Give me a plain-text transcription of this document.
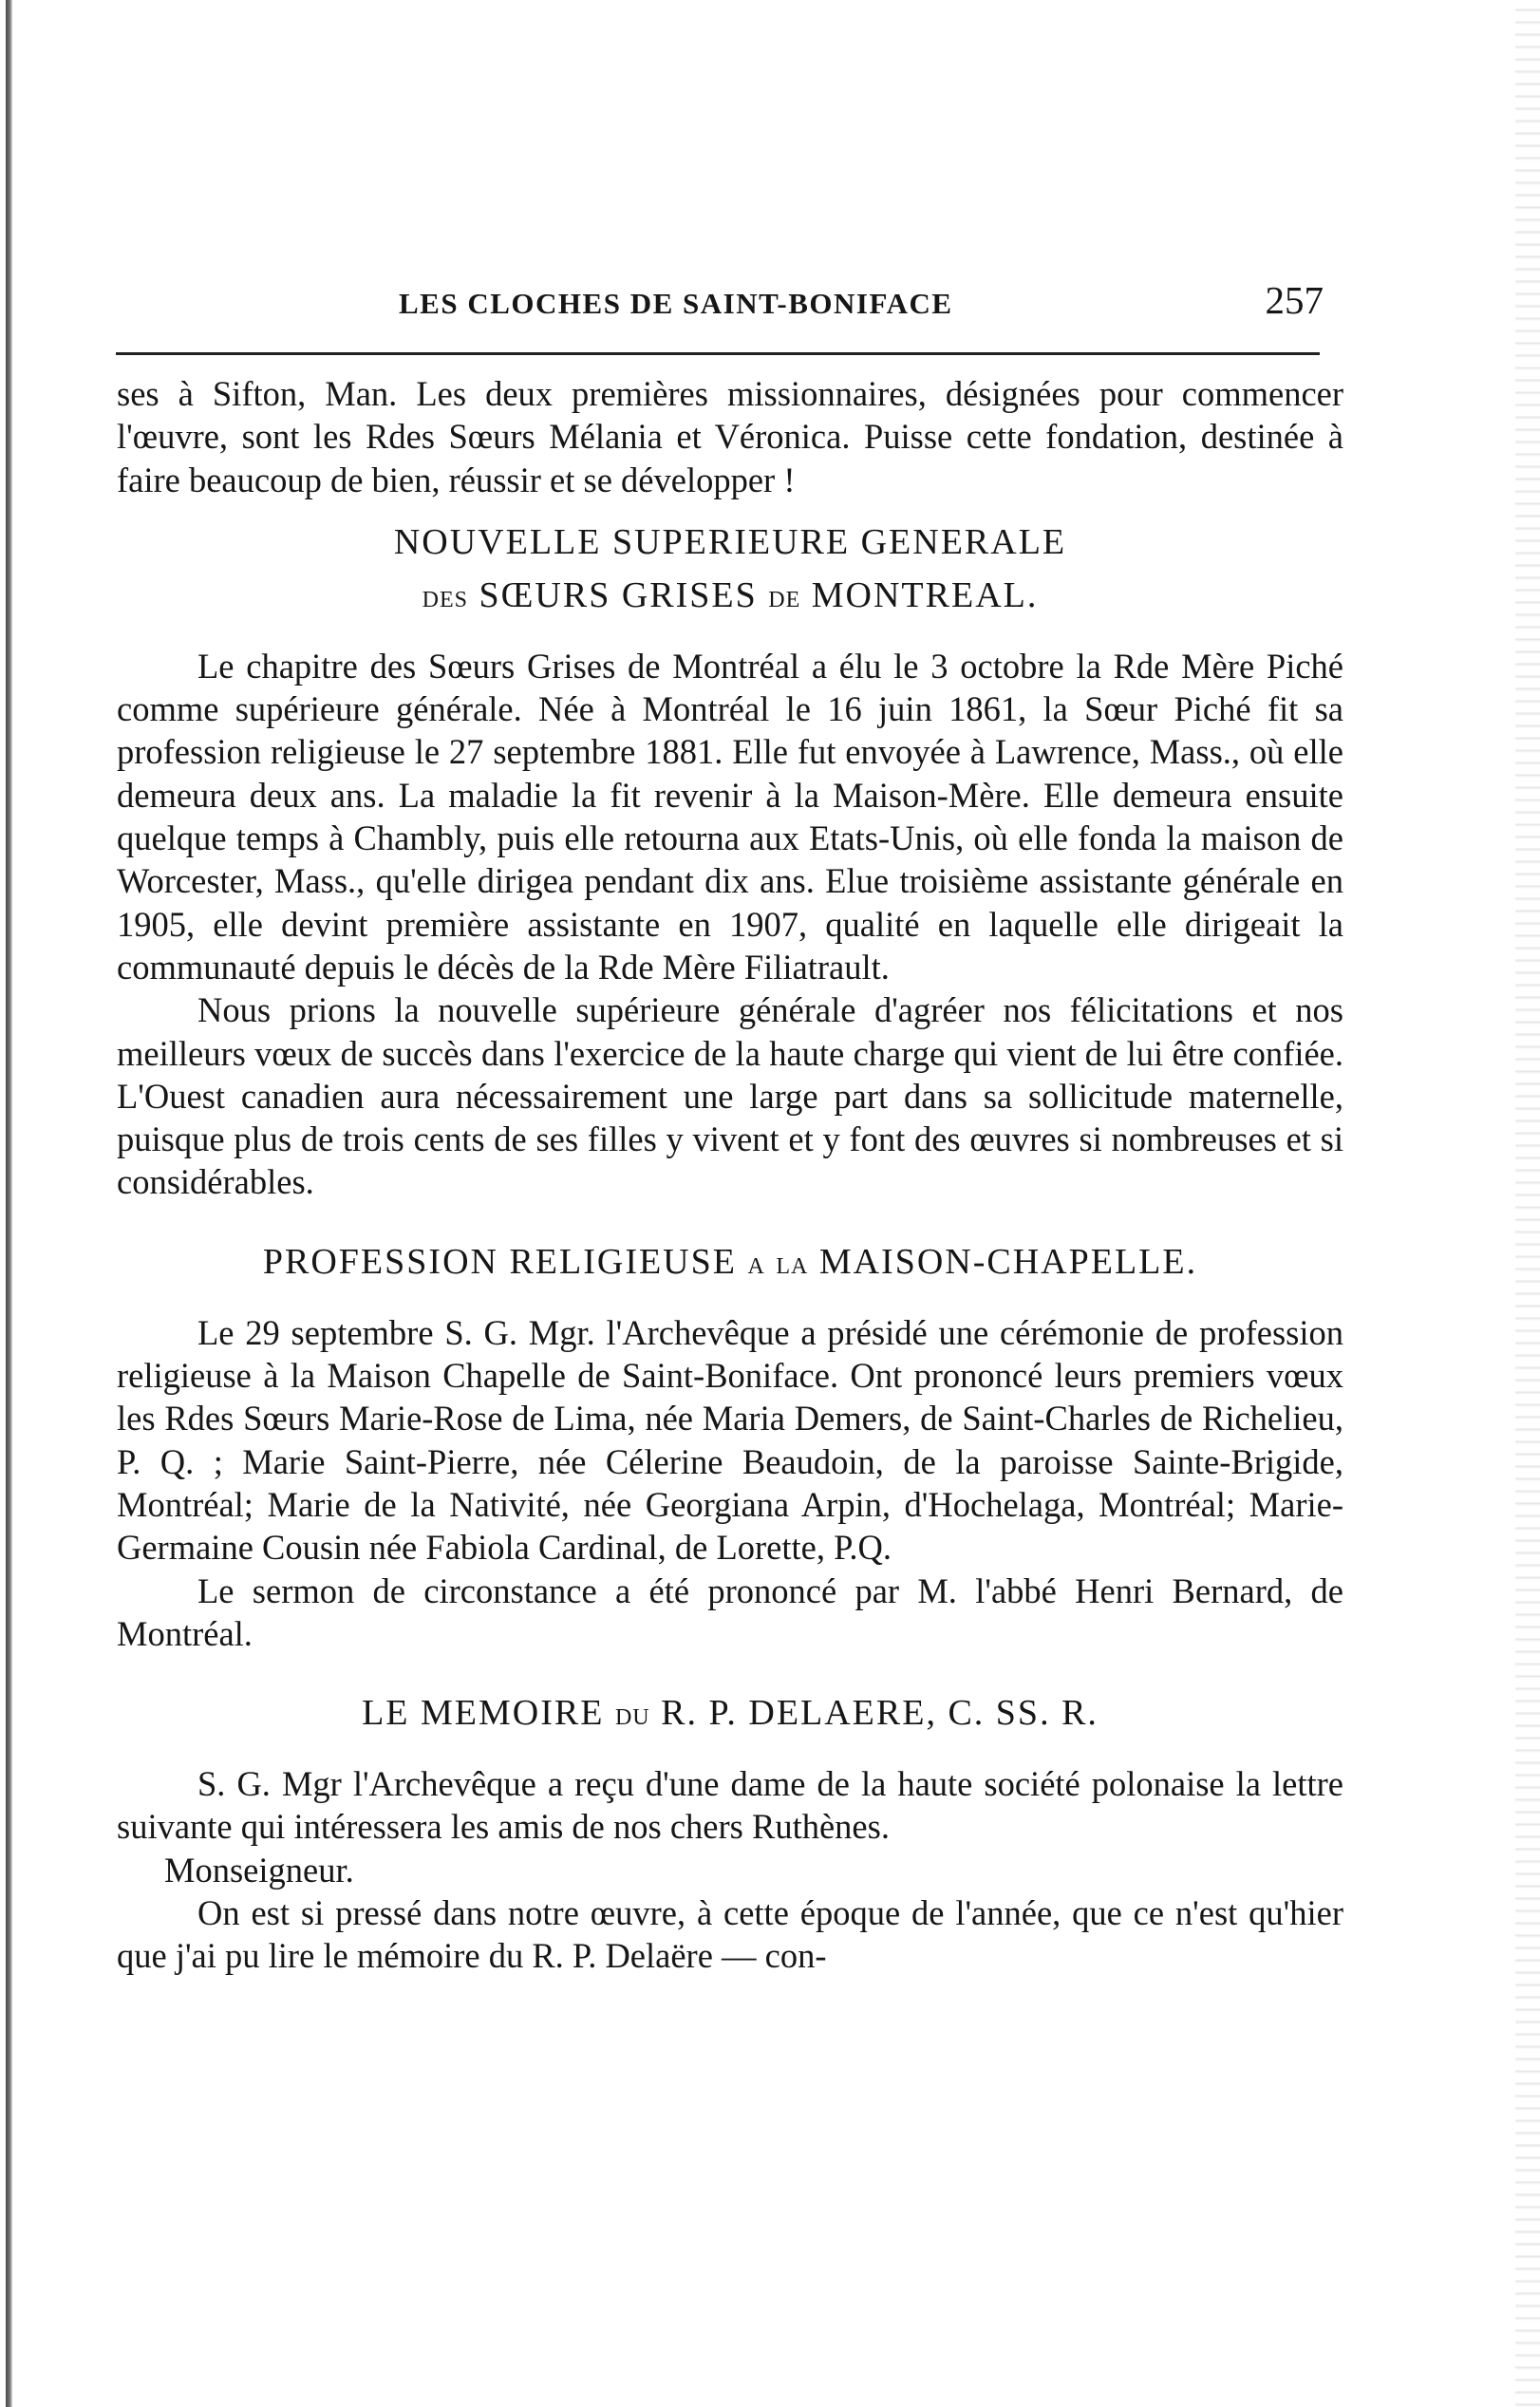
LES CLOCHES DE SAINT-BONIFACE	257

ses à Sifton, Man. Les deux premières missionnaires, désignées pour commencer l'œuvre, sont les Rdes Sœurs Mélania et Véronica. Puisse cette fondation, destinée à faire beaucoup de bien, réussir et se développer !

NOUVELLE SUPERIEURE GENERALE
DES SŒURS GRISES DE MONTREAL.

Le chapitre des Sœurs Grises de Montréal a élu le 3 octobre la Rde Mère Piché comme supérieure générale. Née à Montréal le 16 juin 1861, la Sœur Piché fit sa profession religieuse le 27 septembre 1881. Elle fut envoyée à Lawrence, Mass., où elle demeura deux ans. La maladie la fit revenir à la Maison-Mère. Elle demeura ensuite quelque temps à Chambly, puis elle retourna aux Etats-Unis, où elle fonda la maison de Worcester, Mass., qu'elle dirigea pendant dix ans. Elue troisième assistante générale en 1905, elle devint première assistante en 1907, qualité en laquelle elle dirigeait la communauté depuis le décès de la Rde Mère Filiatrault.

Nous prions la nouvelle supérieure générale d'agréer nos félicitations et nos meilleurs vœux de succès dans l'exercice de la haute charge qui vient de lui être confiée. L'Ouest canadien aura nécessairement une large part dans sa sollicitude maternelle, puisque plus de trois cents de ses filles y vivent et y font des œuvres si nombreuses et si considérables.

PROFESSION RELIGIEUSE A LA MAISON-CHAPELLE.

Le 29 septembre S. G. Mgr. l'Archevêque a présidé une cérémonie de profession religieuse à la Maison Chapelle de Saint-Boniface. Ont prononcé leurs premiers vœux les Rdes Sœurs Marie-Rose de Lima, née Maria Demers, de Saint-Charles de Richelieu, P. Q. ; Marie Saint-Pierre, née Célerine Beaudoin, de la paroisse Sainte-Brigide, Montréal; Marie de la Nativité, née Georgiana Arpin, d'Hochelaga, Montréal; Marie-Germaine Cousin née Fabiola Cardinal, de Lorette, P.Q.

Le sermon de circonstance a été prononcé par M. l'abbé Henri Bernard, de Montréal.

LE MEMOIRE DU R. P. DELAERE, C. SS. R.

S. G. Mgr l'Archevêque a reçu d'une dame de la haute société polonaise la lettre suivante qui intéressera les amis de nos chers Ruthènes.

Monseigneur.

On est si pressé dans notre œuvre, à cette époque de l'année, que ce n'est qu'hier que j'ai pu lire le mémoire du R. P. Delaëre — con-
